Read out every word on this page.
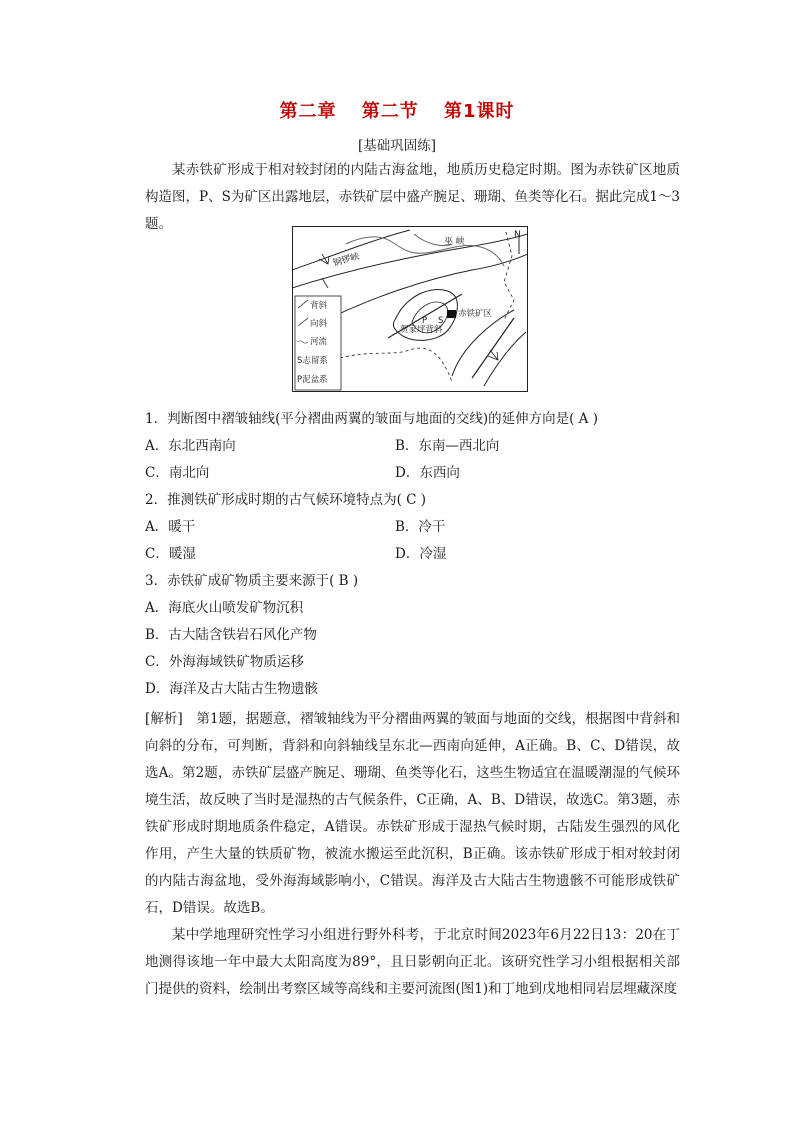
第二章 第二节 第1课时
[基础巩固练]

某赤铁矿形成于相对较封闭的内陆古海盆地，地质历史稳定时期。图为赤铁矿区地质构造图，P、S为矿区出露地层，赤铁矿层中盛产腕足、珊瑚、鱼类等化石。据此完成1～3题。

N
铜锣峡
巫 峡
赤铁矿区
P S
贺家坪背斜
背斜
向斜
河流
S志留系
P泥盆系
1．判断图中褶皱轴线(平分褶曲两翼的皱面与地面的交线)的延伸方向是( A )
A．东北西南向	B．东南—西北向
C．南北向	D．东西向
2．推测铁矿形成时期的古气候环境特点为( C )
A．暖干	B．冷干
C．暖湿	D．冷湿
3．赤铁矿成矿物质主要来源于( B )
A．海底火山喷发矿物沉积
B．古大陆含铁岩石风化产物
C．外海海域铁矿物质运移
D．海洋及古大陆古生物遗骸

[解析]　第1题，据题意，褶皱轴线为平分褶曲两翼的皱面与地面的交线，根据图中背斜和向斜的分布，可判断，背斜和向斜轴线呈东北—西南向延伸，A正确。B、C、D错误，故选A。第2题，赤铁矿层盛产腕足、珊瑚、鱼类等化石，这些生物适宜在温暖潮湿的气候环境生活，故反映了当时是湿热的古气候条件，C正确，A、B、D错误，故选C。第3题，赤铁矿形成时期地质条件稳定，A错误。赤铁矿形成于湿热气候时期，古陆发生强烈的风化作用，产生大量的铁质矿物，被流水搬运至此沉积，B正确。该赤铁矿形成于相对较封闭的内陆古海盆地，受外海海域影响小，C错误。海洋及古大陆古生物遗骸不可能形成铁矿石，D错误。故选B。

某中学地理研究性学习小组进行野外科考，于北京时间2023年6月22日13：20在丁地测得该地一年中最大太阳高度为89°，且日影朝向正北。该研究性学习小组根据相关部门提供的资料，绘制出考察区域等高线和主要河流图(图1)和丁地到戊地相同岩层埋藏深度
